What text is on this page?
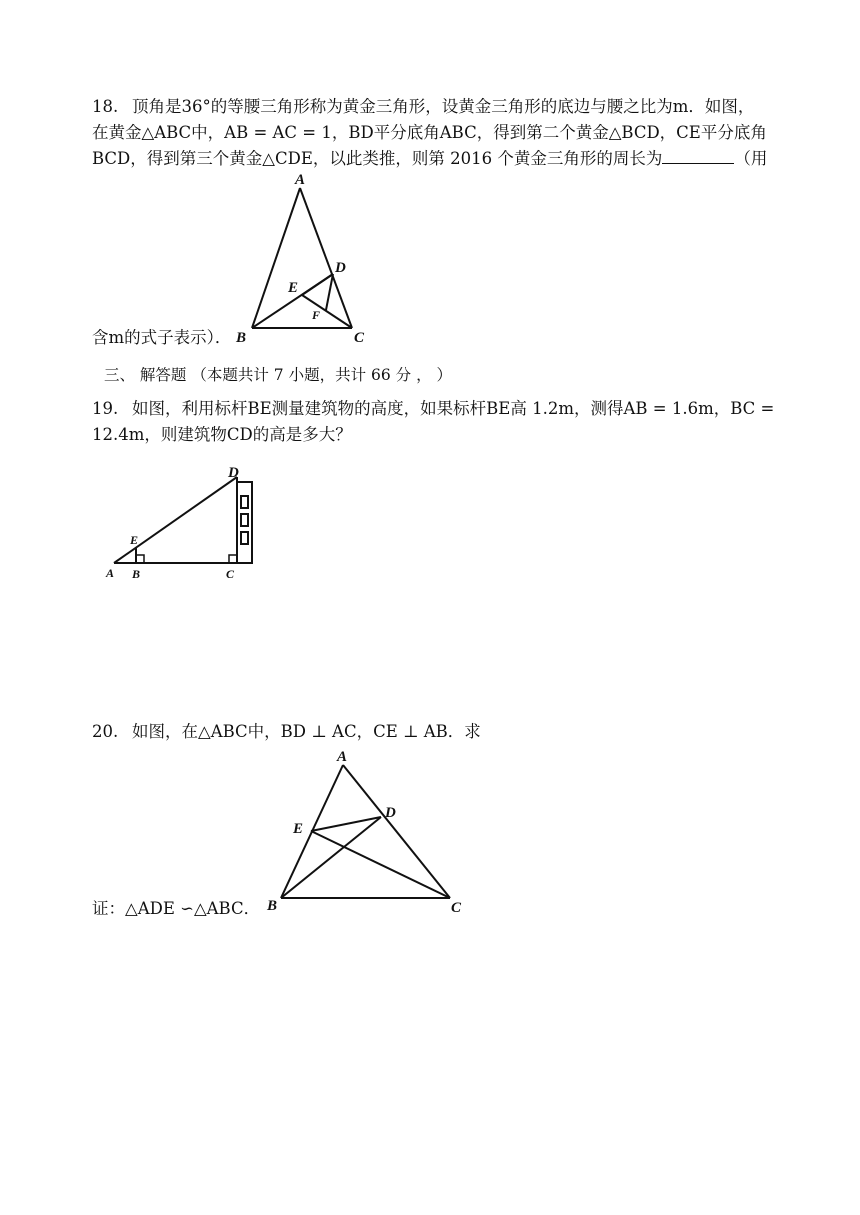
18. 顶角是36°的等腰三角形称为黄金三角形，设黄金三角形的底边与腰之比为m．如图，
在黄金△ABC中，AB = AC = 1，BD平分底角ABC，得到第二个黄金△BCD，CE平分底角
BCD，得到第三个黄金△CDE，以此类推，则第 2016 个黄金三角形的周长为	（用
A
B	C
D
E
F
含m的式子表示）．
三、 解答题 （本题共计 7 小题，共计 66 分 ， ）
19. 如图，利用标杆BE测量建筑物的高度，如果标杆BE高 1.2m，测得AB = 1.6m，BC =
12.4m，则建筑物CD的高是多大？
D
E
A B	C
20. 如图，在△ABC中，BD ⊥ AC，CE ⊥ AB．求
A
B	C
D
E
证：△ADE ∽△ABC．
